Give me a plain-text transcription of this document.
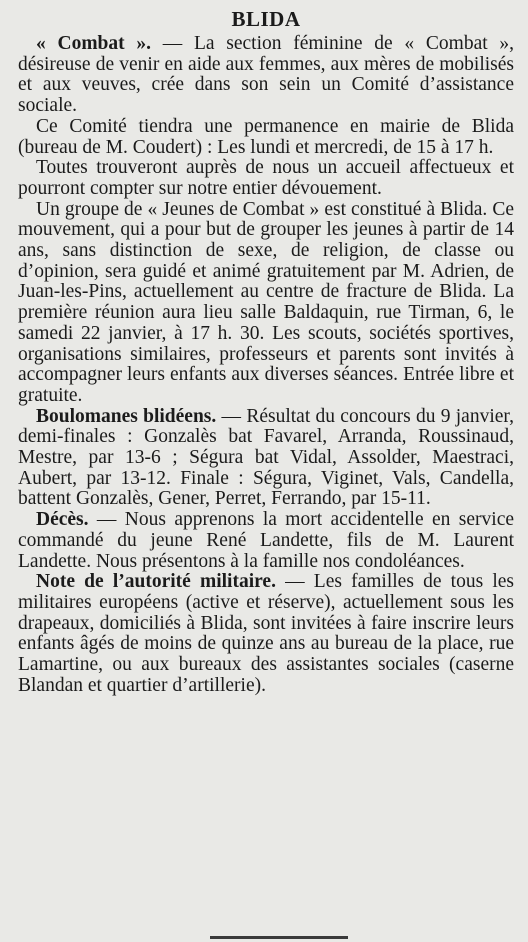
BLIDA

« Combat ». — La section féminine de « Combat », désireuse de venir en aide aux femmes, aux mères de mobilisés et aux veuves, crée dans son sein un Comité d’assistance sociale.

Ce Comité tiendra une permanence en mairie de Blida (bureau de M. Coudert) : Les lundi et mercredi, de 15 à 17 h.

Toutes trouveront auprès de nous un accueil affectueux et pourront compter sur notre entier dévouement.

Un groupe de « Jeunes de Combat » est constitué à Blida. Ce mouvement, qui a pour but de grouper les jeunes à partir de 14 ans, sans distinction de sexe, de religion, de classe ou d’opinion, sera guidé et animé gratuitement par M. Adrien, de Juan-les-Pins, actuellement au centre de fracture de Blida. La première réunion aura lieu salle Baldaquin, rue Tirman, 6, le samedi 22 janvier, à 17 h. 30. Les scouts, sociétés sportives, organisations similaires, professeurs et parents sont invités à accompagner leurs enfants aux diverses séances. Entrée libre et gratuite.

Boulomanes blidéens. — Résultat du concours du 9 janvier, demi-finales : Gonzalès bat Favarel, Arranda, Roussinaud, Mestre, par 13-6 ; Ségura bat Vidal, Assolder, Maestraci, Aubert, par 13-12. Finale : Ségura, Viginet, Vals, Candella, battent Gonzalès, Gener, Perret, Ferrando, par 15-11.

Décès. — Nous apprenons la mort accidentelle en service commandé du jeune René Landette, fils de M. Laurent Landette. Nous présentons à la famille nos condoléances.

Note de l’autorité militaire. — Les familles de tous les militaires européens (active et réserve), actuellement sous les drapeaux, domiciliés à Blida, sont invitées à faire inscrire leurs enfants âgés de moins de quinze ans au bureau de la place, rue Lamartine, ou aux bureaux des assistantes sociales (caserne Blandan et quartier d’artillerie).
